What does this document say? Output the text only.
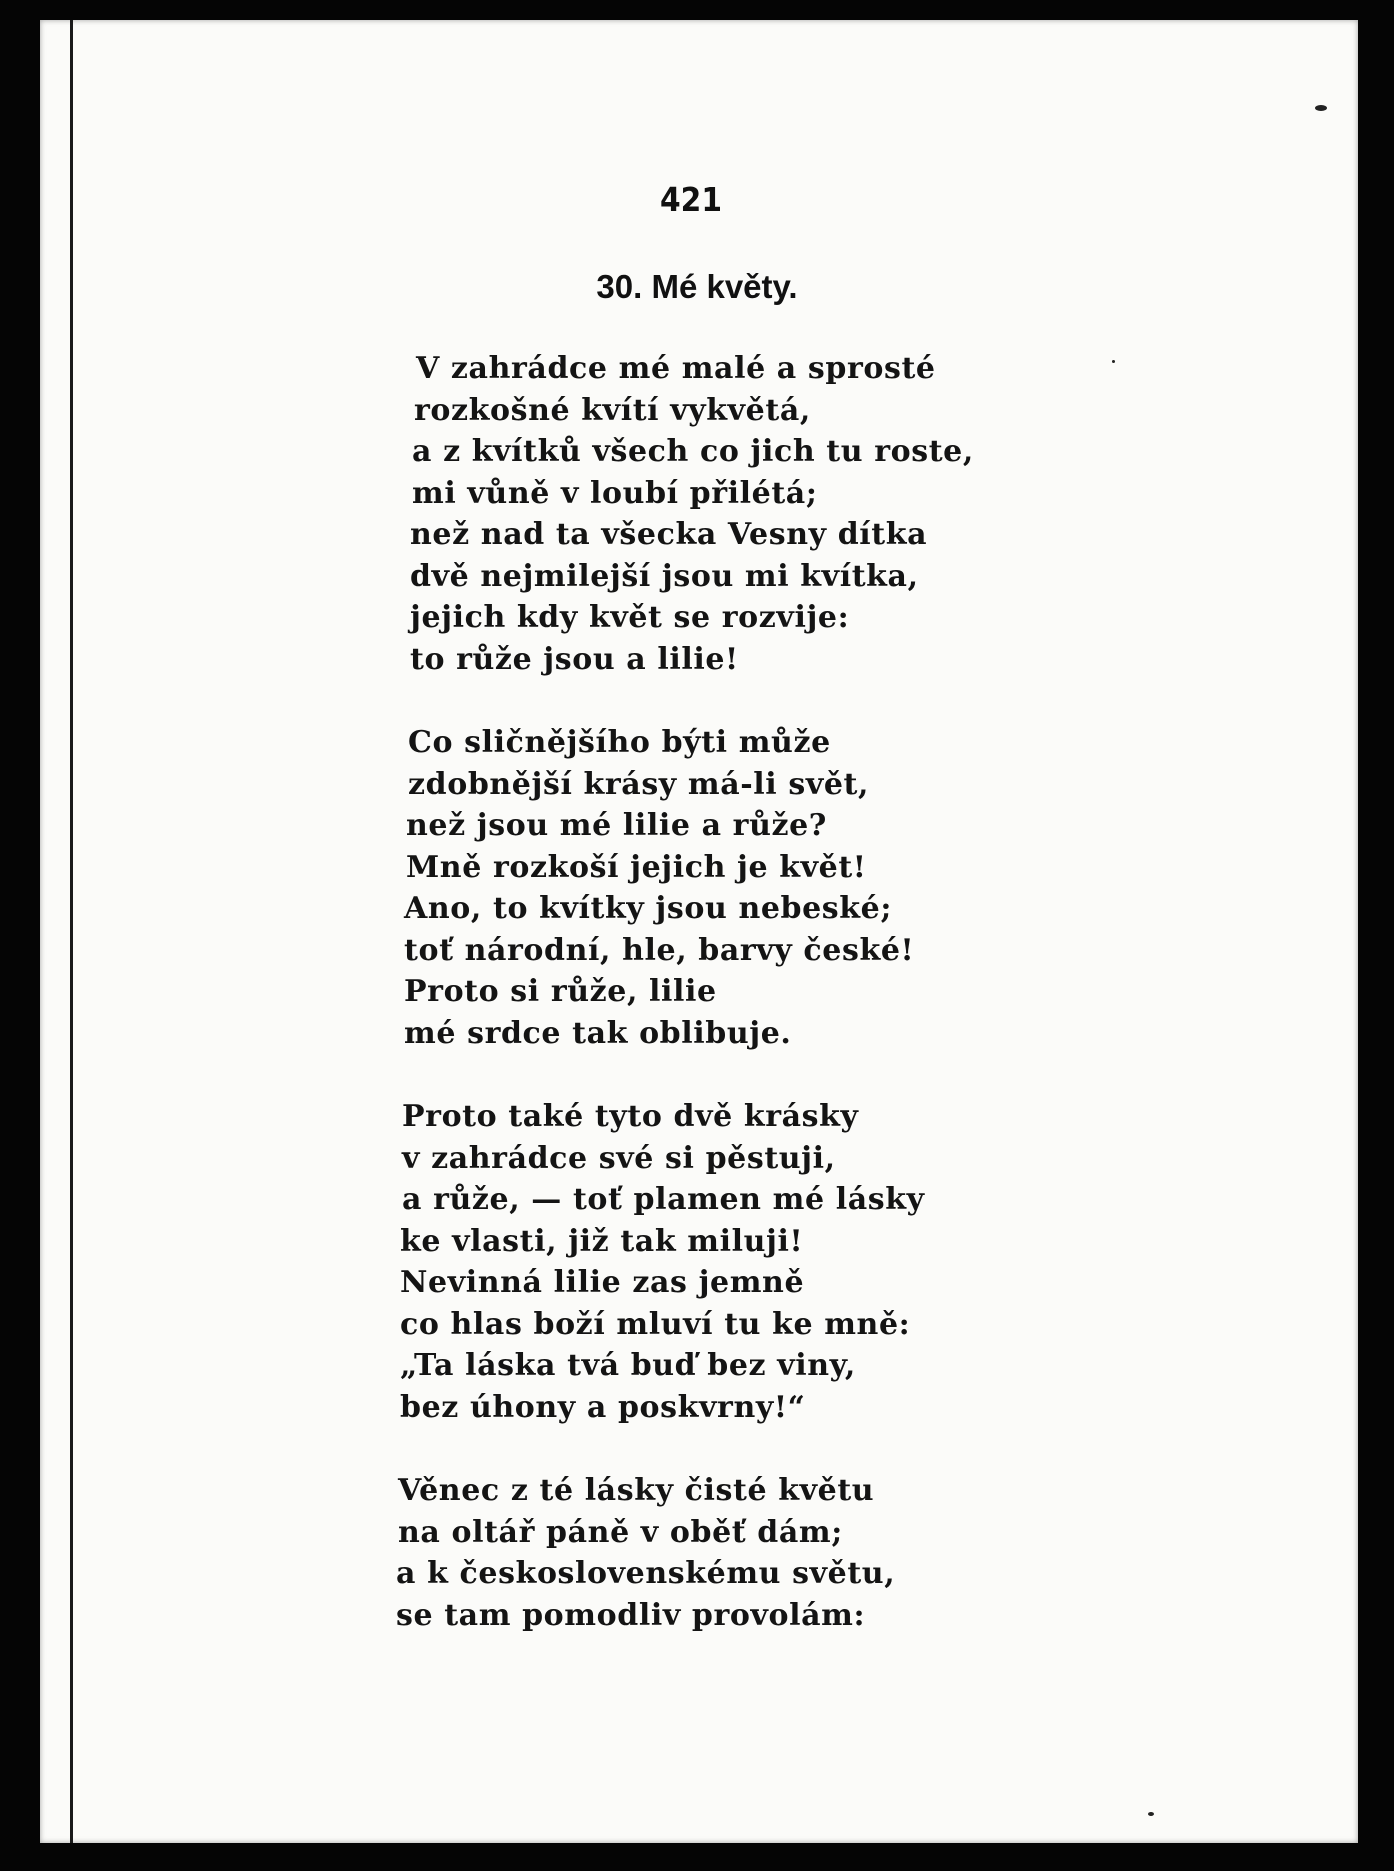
421
30. Mé květy.
V zahrádce mé malé a sprosté
rozkošné kvítí vykvětá,
a z kvítků všech co jich tu roste,
mi vůně v loubí přilétá;
než nad ta všecka Vesny dítka
dvě nejmilejší jsou mi kvítka,
jejich kdy květ se rozvije:
to růže jsou a lilie!
Co sličnějšího býti může
zdobnější krásy má-li svět,
než jsou mé lilie a růže?
Mně rozkoší jejich je květ!
Ano, to kvítky jsou nebeské;
toť národní, hle, barvy české!
Proto si růže, lilie
mé srdce tak oblibuje.
Proto také tyto dvě krásky
v zahrádce své si pěstuji,
a růže, — toť plamen mé lásky
ke vlasti, již tak miluji!
Nevinná lilie zas jemně
co hlas boží mluví tu ke mně:
„Ta láska tvá buď bez viny,
bez úhony a poskvrny!“
Věnec z té lásky čisté květu
na oltář páně v oběť dám;
a k československému světu,
se tam pomodliv provolám:
